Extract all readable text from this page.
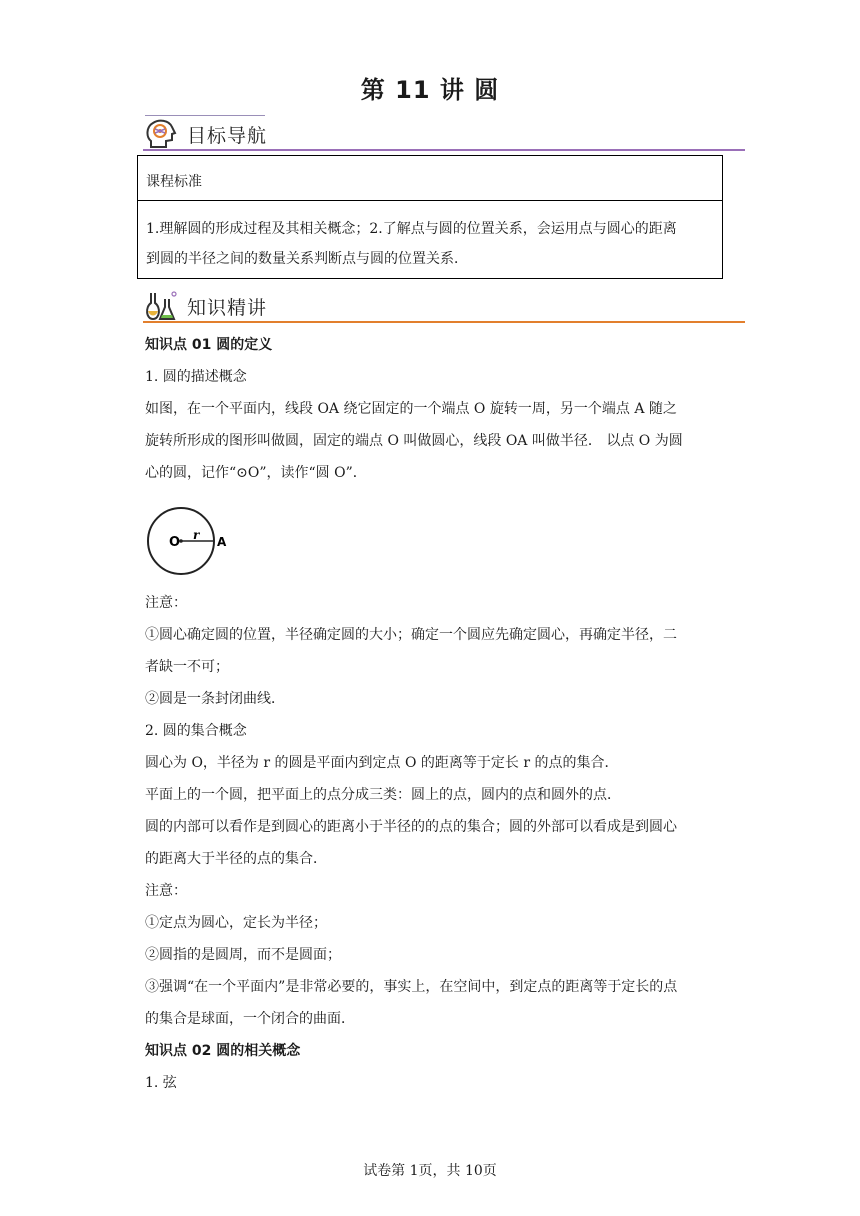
第 11 讲 圆
目标导航
课程标准
1.理解圆的形成过程及其相关概念；2.了解点与圆的位置关系，会运用点与圆心的距离
到圆的半径之间的数量关系判断点与圆的位置关系．
知识精讲

知识点 01 圆的定义

1. 圆的描述概念

如图，在一个平面内，线段 OA 绕它固定的一个端点 O 旋转一周，另一个端点 A 随之

旋转所形成的图形叫做圆，固定的端点 O 叫做圆心，线段 OA 叫做半径． 以点 O 为圆

心的圆，记作“⊙O”，读作“圆 O”．

O r A

注意：

①圆心确定圆的位置，半径确定圆的大小；确定一个圆应先确定圆心，再确定半径，二

者缺一不可；

②圆是一条封闭曲线．

2. 圆的集合概念

圆心为 O，半径为 r 的圆是平面内到定点 O 的距离等于定长 r 的点的集合．

平面上的一个圆，把平面上的点分成三类：圆上的点，圆内的点和圆外的点．

圆的内部可以看作是到圆心的距离小于半径的的点的集合；圆的外部可以看成是到圆心

的距离大于半径的点的集合．

注意：

①定点为圆心，定长为半径；

②圆指的是圆周，而不是圆面；

③强调“在一个平面内”是非常必要的，事实上，在空间中，到定点的距离等于定长的点

的集合是球面，一个闭合的曲面．

知识点 02 圆的相关概念

1. 弦

试卷第 1页，共 10页
